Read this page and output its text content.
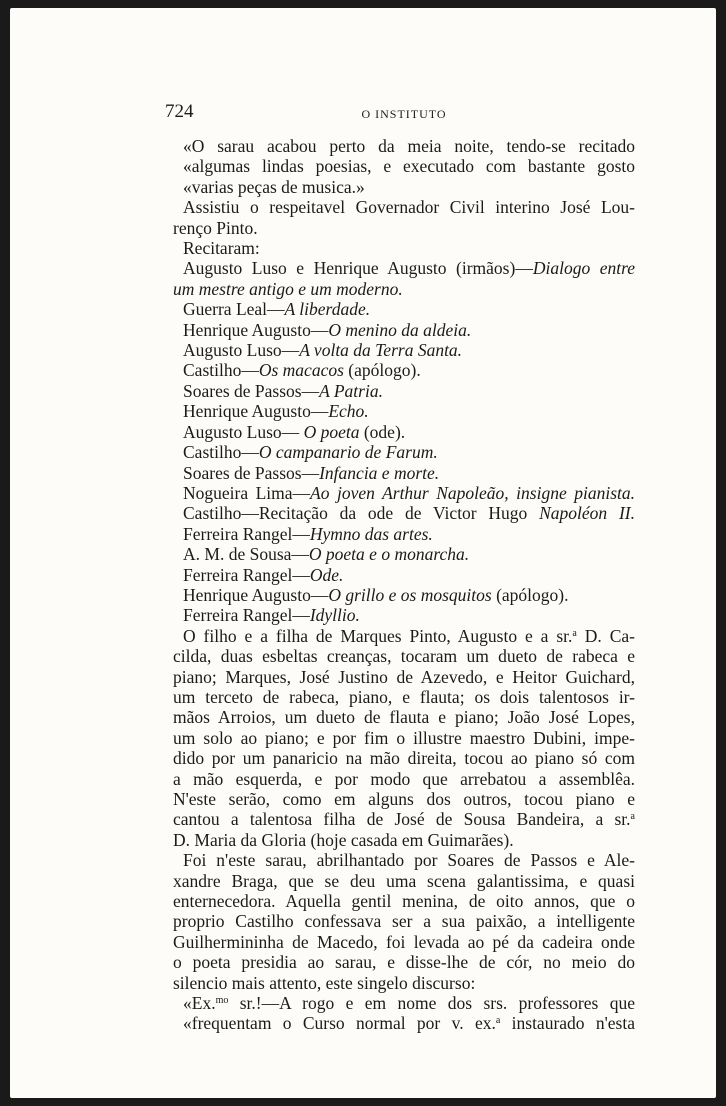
724	O INSTITUTO
«O sarau acabou perto da meia noite, tendo-se recitado
«algumas lindas poesias, e executado com bastante gosto
«varias peças de musica.»
Assistiu o respeitavel Governador Civil interino José Lou-
renço Pinto.
Recitaram:
Augusto Luso e Henrique Augusto (irmãos)—Dialogo entre
um mestre antigo e um moderno.
Guerra Leal—A liberdade.
Henrique Augusto—O menino da aldeia.
Augusto Luso—A volta da Terra Santa.
Castilho—Os macacos (apólogo).
Soares de Passos—A Patria.
Henrique Augusto—Echo.
Augusto Luso— O poeta (ode).
Castilho—O campanario de Farum.
Soares de Passos—Infancia e morte.
Nogueira Lima—Ao joven Arthur Napoleão, insigne pianista.
Castilho—Recitação da ode de Victor Hugo Napoléon II.
Ferreira Rangel—Hymno das artes.
A. M. de Sousa—O poeta e o monarcha.
Ferreira Rangel—Ode.
Henrique Augusto—O grillo e os mosquitos (apólogo).
Ferreira Rangel—Idyllio.
O filho e a filha de Marques Pinto, Augusto e a sr.$^a$ D. Ca-
cilda, duas esbeltas creanças, tocaram um dueto de rabeca e
piano; Marques, José Justino de Azevedo, e Heitor Guichard,
um terceto de rabeca, piano, e flauta; os dois talentosos ir-
mãos Arroios, um dueto de flauta e piano; João José Lopes,
um solo ao piano; e por fim o illustre maestro Dubini, impe-
dido por um panaricio na mão direita, tocou ao piano só com
a mão esquerda, e por modo que arrebatou a assemblêa.
N'este serão, como em alguns dos outros, tocou piano e
cantou a talentosa filha de José de Sousa Bandeira, a sr.$^a$
D. Maria da Gloria (hoje casada em Guimarães).
Foi n'este sarau, abrilhantado por Soares de Passos e Ale-
xandre Braga, que se deu uma scena galantissima, e quasi
enternecedora. Aquella gentil menina, de oito annos, que o
proprio Castilho confessava ser a sua paixão, a intelligente
Guilhermininha de Macedo, foi levada ao pé da cadeira onde
o poeta presidia ao sarau, e disse-lhe de cór, no meio do
silencio mais attento, este singelo discurso:
«Ex.$^{mo}$ sr.!—A rogo e em nome dos srs. professores que
«frequentam o Curso normal por v. ex.$^a$ instaurado n'esta
